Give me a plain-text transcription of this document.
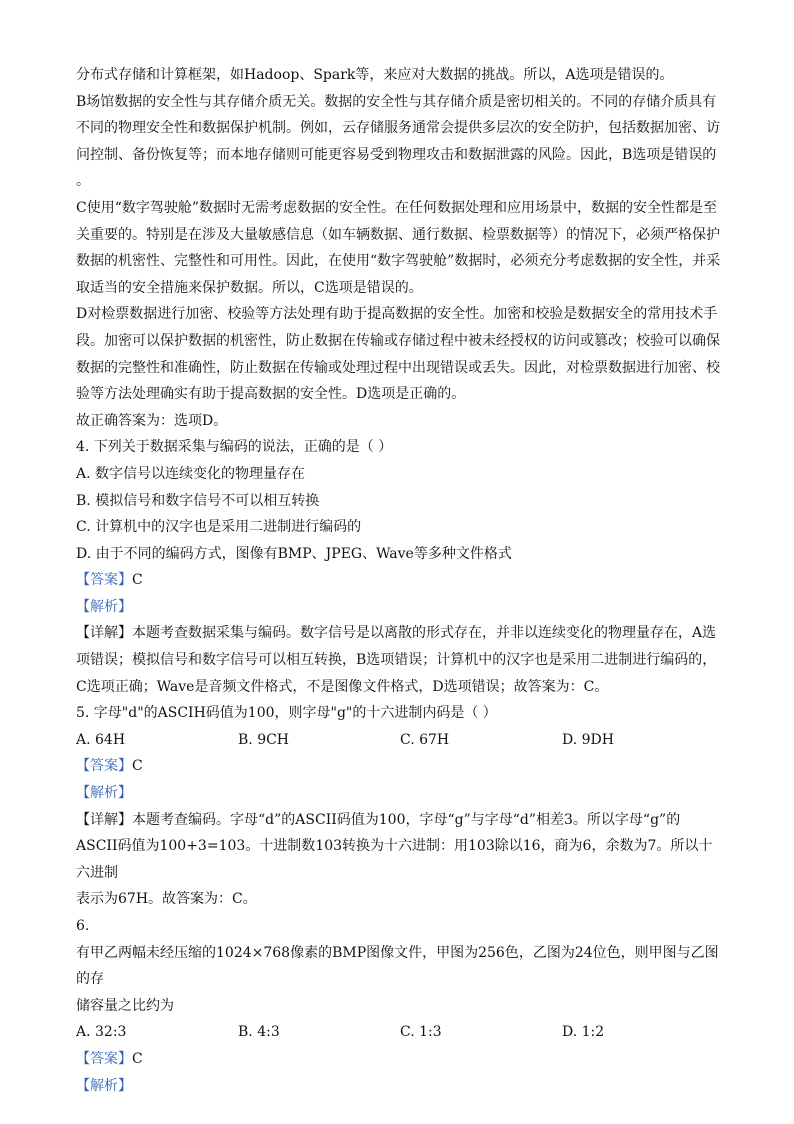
分布式存储和计算框架，如Hadoop、Spark等，来应对大数据的挑战。所以，A选项是错误的。
B场馆数据的安全性与其存储介质无关。数据的安全性与其存储介质是密切相关的。不同的存储介质具有
不同的物理安全性和数据保护机制。例如，云存储服务通常会提供多层次的安全防护，包括数据加密、访
问控制、备份恢复等；而本地存储则可能更容易受到物理攻击和数据泄露的风险。因此，B选项是错误的
。
C使用“数字驾驶舱”数据时无需考虑数据的安全性。在任何数据处理和应用场景中，数据的安全性都是至
关重要的。特别是在涉及大量敏感信息（如车辆数据、通行数据、检票数据等）的情况下，必须严格保护
数据的机密性、完整性和可用性。因此，在使用“数字驾驶舱”数据时，必须充分考虑数据的安全性，并采
取适当的安全措施来保护数据。所以，C选项是错误的。
D对检票数据进行加密、校验等方法处理有助于提高数据的安全性。加密和校验是数据安全的常用技术手
段。加密可以保护数据的机密性，防止数据在传输或存储过程中被未经授权的访问或篡改；校验可以确保
数据的完整性和准确性，防止数据在传输或处理过程中出现错误或丢失。因此，对检票数据进行加密、校
验等方法处理确实有助于提高数据的安全性。D选项是正确的。
故正确答案为：选项D。
4. 下列关于数据采集与编码的说法，正确的是（ ）
A. 数字信号以连续变化的物理量存在
B. 模拟信号和数字信号不可以相互转换
C. 计算机中的汉字也是采用二进制进行编码的
D. 由于不同的编码方式，图像有BMP、JPEG、Wave等多种文件格式
【答案】C
【解析】
【详解】本题考查数据采集与编码。数字信号是以离散的形式存在，并非以连续变化的物理量存在，A选
项错误；模拟信号和数字信号可以相互转换，B选项错误；计算机中的汉字也是采用二进制进行编码的，
C选项正确；Wave是音频文件格式，不是图像文件格式，D选项错误；故答案为：C。
5. 字母"d"的ASCIH码值为100，则字母"g"的十六进制内码是（ ）
A. 64H	B. 9CH	C. 67H	D. 9DH
【答案】C
【解析】
【详解】本题考查编码。字母“d”的ASCII码值为100，字母“g”与字母“d”相差3。所以字母“g”的
ASCII码值为100+3=103。十进制数103转换为十六进制：用103除以16，商为6，余数为7。所以十六进制
表示为67H。故答案为：C。
6.
有甲乙两幅未经压缩的1024×768像素的BMP图像文件，甲图为256色，乙图为24位色，则甲图与乙图的存
储容量之比约为
A. 32:3	B. 4:3	C. 1:3	D. 1:2
【答案】C
【解析】
